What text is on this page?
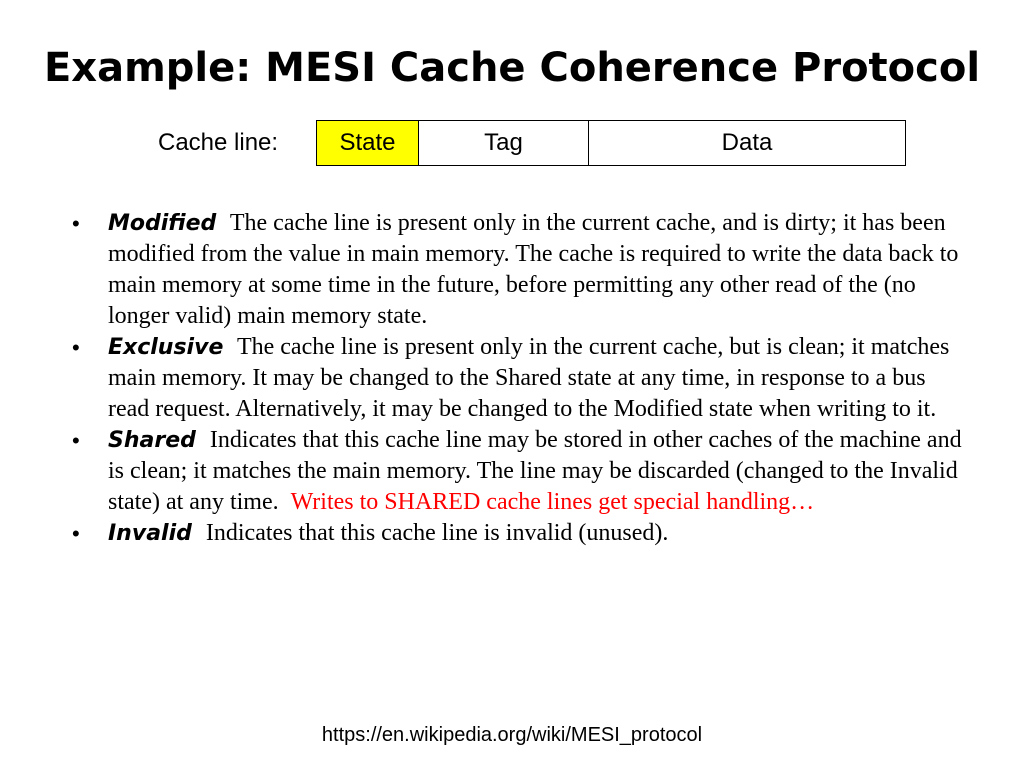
Example: MESI Cache Coherence Protocol
Cache line:	State	Tag	Data
• Modified The cache line is present only in the current cache, and is dirty; it has been modified from the value in main memory. The cache is required to write the data back to main memory at some time in the future, before permitting any other read of the (no longer valid) main memory state.
• Exclusive The cache line is present only in the current cache, but is clean; it matches main memory. It may be changed to the Shared state at any time, in response to a bus read request. Alternatively, it may be changed to the Modified state when writing to it.
• Shared Indicates that this cache line may be stored in other caches of the machine and is clean; it matches the main memory. The line may be discarded (changed to the Invalid state) at any time. Writes to SHARED cache lines get special handling…
• Invalid Indicates that this cache line is invalid (unused).
https://en.wikipedia.org/wiki/MESI_protocol
